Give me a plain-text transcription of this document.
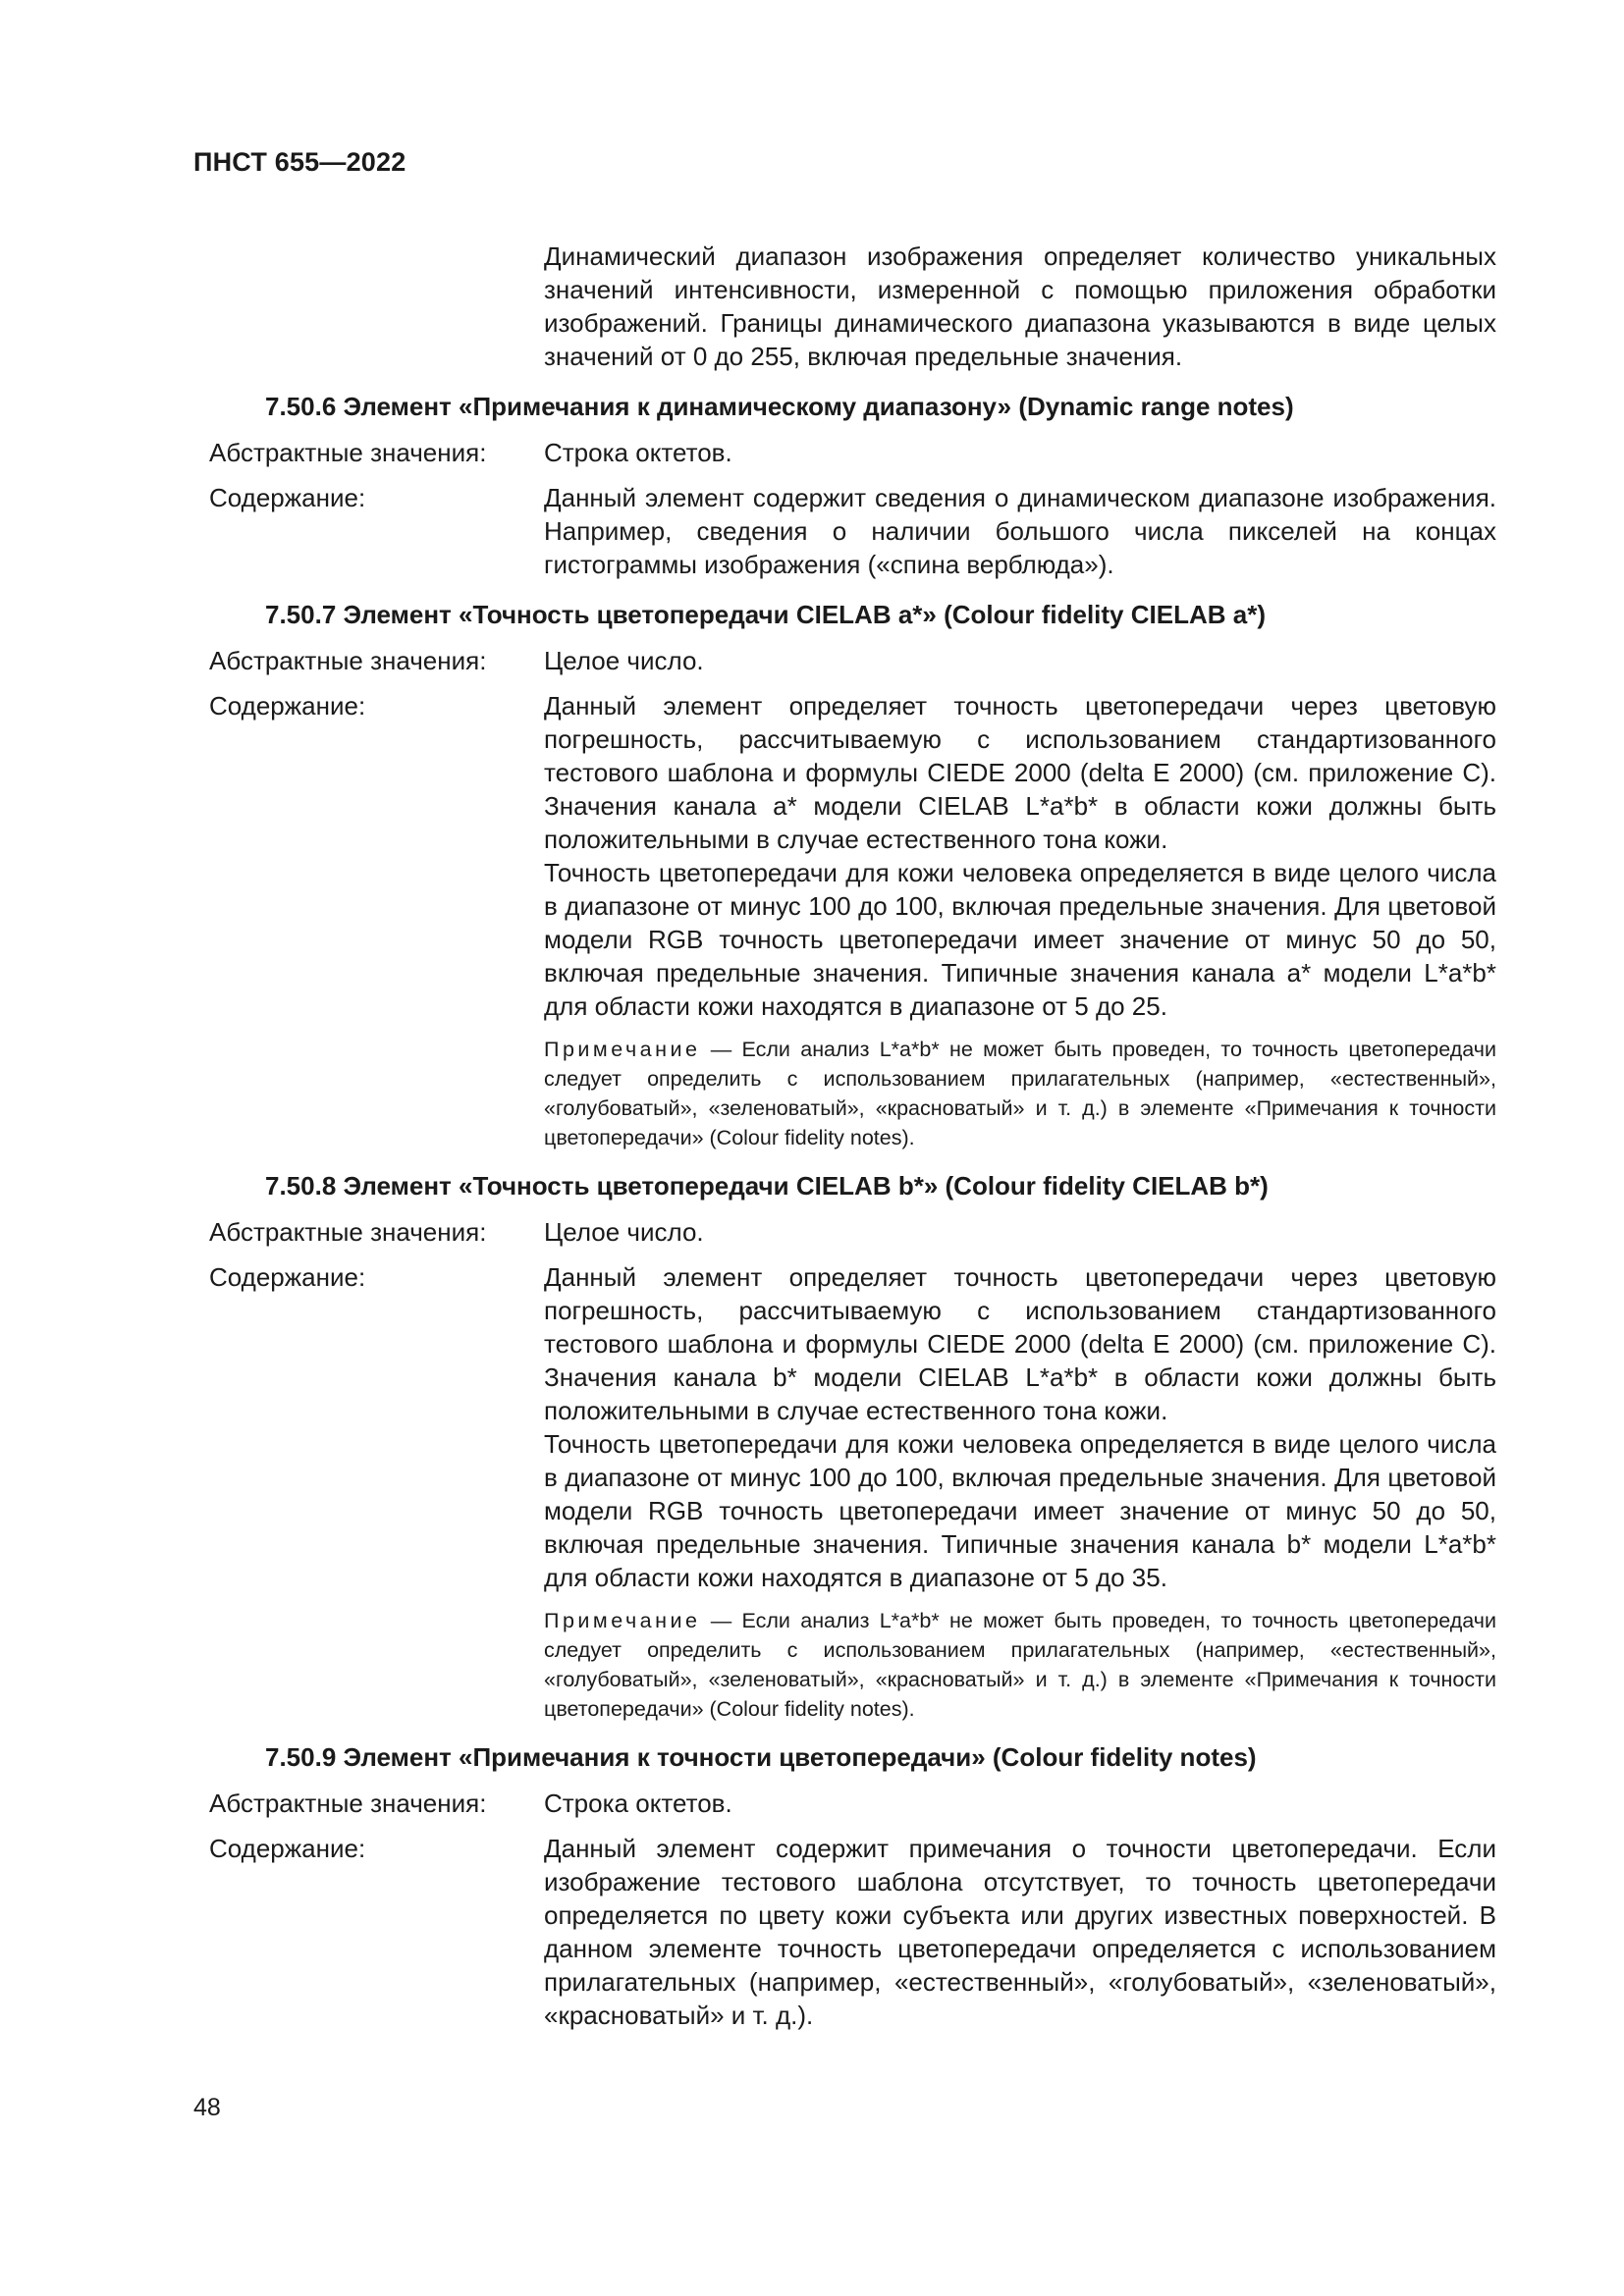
ПНСТ 655—2022
Динамический диапазон изображения определяет количество уникальных значений интенсивности, измеренной с помощью приложения обработки изображений. Границы динамического диапазона указываются в виде целых значений от 0 до 255, включая предельные значения.
7.50.6 Элемент «Примечания к динамическому диапазону» (Dynamic range notes)
Абстрактные значения:	Строка октетов.
Содержание:	Данный элемент содержит сведения о динамическом диапазоне изображения. Например, сведения о наличии большого числа пикселей на концах гистограммы изображения («спина верблюда»).

7.50.7 Элемент «Точность цветопередачи CIELAB a*» (Colour fidelity CIELAB a*)
Абстрактные значения:	Целое число.
Содержание:	Данный элемент определяет точность цветопередачи через цветовую погрешность, рассчитываемую с использованием стандартизованного тестового шаблона и формулы CIEDE 2000 (delta E 2000) (см. приложение С). Значения канала a* модели CIELAB L*a*b* в области кожи должны быть положительными в случае естественного тона кожи.

Точность цветопередачи для кожи человека определяется в виде целого числа в диапазоне от минус 100 до 100, включая предельные значения. Для цветовой модели RGB точность цветопередачи имеет значение от минус 50 до 50, включая предельные значения. Типичные значения канала a* модели L*a*b* для области кожи находятся в диапазоне от 5 до 25.

Примечание — Если анализ L*a*b* не может быть проведен, то точность цветопередачи следует определить с использованием прилагательных (например, «естественный», «голубоватый», «зеленоватый», «красноватый» и т. д.) в элементе «Примечания к точности цветопередачи» (Colour fidelity notes).
7.50.8 Элемент «Точность цветопередачи CIELAB b*» (Colour fidelity CIELAB b*)
Абстрактные значения:	Целое число.
Содержание:	Данный элемент определяет точность цветопередачи через цветовую погрешность, рассчитываемую с использованием стандартизованного тестового шаблона и формулы CIEDE 2000 (delta E 2000) (см. приложение С). Значения канала b* модели CIELAB L*a*b* в области кожи должны быть положительными в случае естественного тона кожи.

Точность цветопередачи для кожи человека определяется в виде целого числа в диапазоне от минус 100 до 100, включая предельные значения. Для цветовой модели RGB точность цветопередачи имеет значение от минус 50 до 50, включая предельные значения. Типичные значения канала b* модели L*a*b* для области кожи находятся в диапазоне от 5 до 35.

Примечание — Если анализ L*a*b* не может быть проведен, то точность цветопередачи следует определить с использованием прилагательных (например, «естественный», «голубоватый», «зеленоватый», «красноватый» и т. д.) в элементе «Примечания к точности цветопередачи» (Colour fidelity notes).
7.50.9 Элемент «Примечания к точности цветопередачи» (Colour fidelity notes)
Абстрактные значения:	Строка октетов.
Содержание:	Данный элемент содержит примечания о точности цветопередачи. Если изображение тестового шаблона отсутствует, то точность цветопередачи определяется по цвету кожи субъекта или других известных поверхностей. В данном элементе точность цветопередачи определяется с использованием прилагательных (например, «естественный», «голубоватый», «зеленоватый», «красноватый» и т. д.).

48
